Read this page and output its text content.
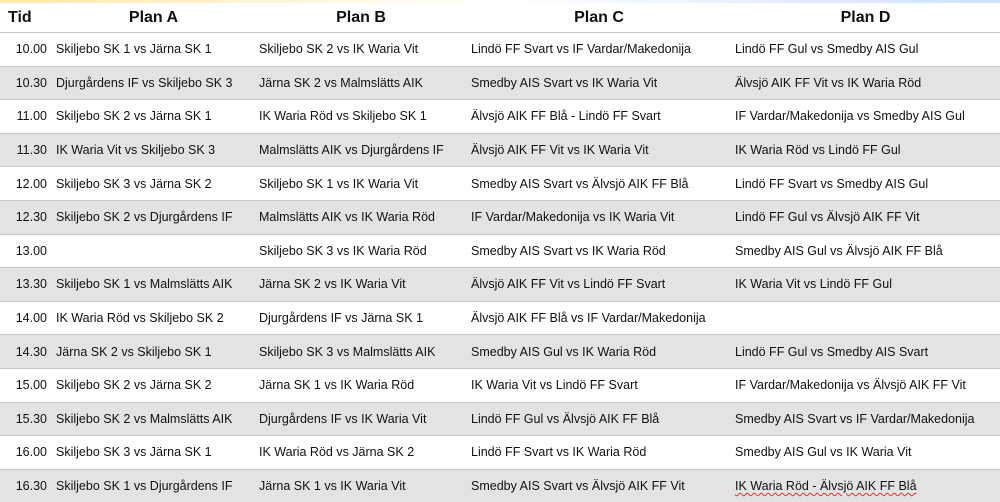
Tid	Plan A	Plan B	Plan C	Plan D
10.00	Skiljebo SK 1 vs Järna SK 1	Skiljebo SK 2 vs IK Waria Vit	Lindö FF Svart vs IF Vardar/Makedonija	Lindö FF Gul vs Smedby AIS Gul
10.30	Djurgårdens IF vs Skiljebo SK 3	Järna SK 2 vs Malmslätts AIK	Smedby AIS Svart vs IK Waria Vit	Älvsjö AIK FF Vit vs IK Waria Röd
11.00	Skiljebo SK 2 vs Järna SK 1	IK Waria Röd vs Skiljebo SK 1	Älvsjö AIK FF Blå - Lindö FF Svart	IF Vardar/Makedonija vs Smedby AIS Gul
11.30	IK Waria Vit vs Skiljebo SK 3	Malmslätts AIK vs Djurgårdens IF	Älvsjö AIK FF Vit vs IK Waria Vit	IK Waria Röd vs Lindö FF Gul
12.00	Skiljebo SK 3 vs Järna SK 2	Skiljebo SK 1 vs IK Waria Vit	Smedby AIS Svart vs Älvsjö AIK FF Blå	Lindö FF Svart vs Smedby AIS Gul
12.30	Skiljebo SK 2 vs Djurgårdens IF	Malmslätts AIK vs IK Waria Röd	IF Vardar/Makedonija vs IK Waria Vit	Lindö FF Gul vs Älvsjö AIK FF Vit
13.00		Skiljebo SK 3 vs IK Waria Röd	Smedby AIS Svart vs IK Waria Röd	Smedby AIS Gul vs Älvsjö AIK FF Blå
13.30	Skiljebo SK 1 vs Malmslätts AIK	Järna SK 2 vs IK Waria Vit	Älvsjö AIK FF Vit vs Lindö FF Svart	IK Waria Vit vs Lindö FF Gul
14.00	IK Waria Röd vs Skiljebo SK 2	Djurgårdens IF vs Järna SK 1	Älvsjö AIK FF Blå vs IF Vardar/Makedonija	
14.30	Järna SK 2 vs Skiljebo SK 1	Skiljebo SK 3 vs Malmslätts AIK	Smedby AIS Gul vs IK Waria Röd	Lindö FF Gul vs Smedby AIS Svart
15.00	Skiljebo SK 2 vs Järna SK 2	Järna SK 1 vs IK Waria Röd	IK Waria Vit vs Lindö FF Svart	IF Vardar/Makedonija vs Älvsjö AIK FF Vit
15.30	Skiljebo SK 2 vs Malmslätts AIK	Djurgårdens IF vs IK Waria Vit	Lindö FF Gul vs Älvsjö AIK FF Blå	Smedby AIS Svart vs IF Vardar/Makedonija
16.00	Skiljebo SK 3 vs Järna SK 1	IK Waria Röd vs Järna SK 2	Lindö FF Svart vs IK Waria Röd	Smedby AIS Gul vs IK Waria Vit
16.30	Skiljebo SK 1 vs Djurgårdens IF	Järna SK 1 vs IK Waria Vit	Smedby AIS Svart vs Älvsjö AIK FF Vit	IK Waria Röd - Älvsjö AIK FF Blå
